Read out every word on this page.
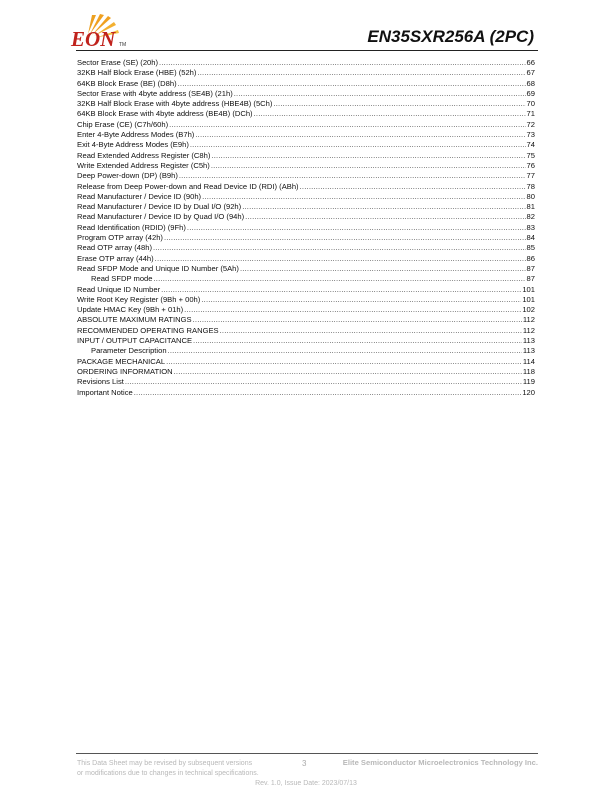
EON TM	EN35SXR256A (2PC)
Sector Erase (SE) (20h) .....	66
32KB Half Block Erase (HBE) (52h) .....	67
64KB Block Erase (BE) (D8h) .....	68
Sector Erase with 4byte address (SE4B) (21h) .....	69
32KB Half Block Erase with 4byte address (HBE4B) (5Ch) .....	70
64KB Block Erase with 4byte address (BE4B) (DCh) .....	71
Chip Erase (CE) (C7h/60h) .....	72
Enter 4-Byte Address Modes (B7h) .....	73
Exit 4-Byte Address Modes (E9h) .....	74
Read Extended Address Register (C8h) .....	75
Write Extended Address Register (C5h) .....	76
Deep Power-down (DP) (B9h) .....	77
Release from Deep Power-down and Read Device ID (RDI) (ABh) .....	78
Read Manufacturer / Device ID (90h) .....	80
Read Manufacturer / Device ID by Dual I/O (92h) .....	81
Read Manufacturer / Device ID by Quad I/O (94h) .....	82
Read Identification (RDID) (9Fh) .....	83
Program OTP array (42h) .....	84
Read OTP array (48h) .....	85
Erase OTP array (44h) .....	86
Read SFDP Mode and Unique ID Number (5Ah) .....	87
Read SFDP mode .....	87
Read Unique ID Number .....	101
Write Root Key Register (9Bh + 00h) .....	101
Update HMAC Key (9Bh + 01h) .....	102
ABSOLUTE MAXIMUM RATINGS .....	112
RECOMMENDED OPERATING RANGES .....	112
INPUT / OUTPUT CAPACITANCE .....	113
Parameter Description .....	113
PACKAGE MECHANICAL .....	114
ORDERING INFORMATION .....	118
Revisions List .....	119
Important Notice .....	120
This Data Sheet may be revised by subsequent versions
or modifications due to changes in technical specifications.
3	Elite Semiconductor Microelectronics Technology Inc.
Rev. 1.0, Issue Date: 2023/07/13
